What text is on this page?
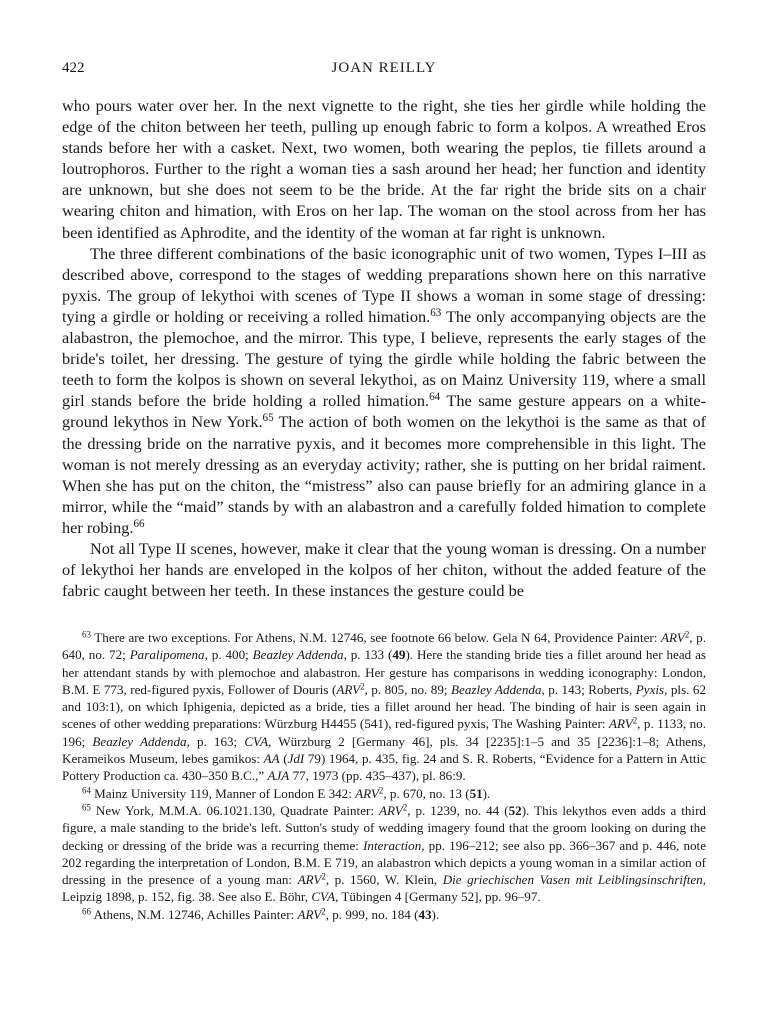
422	JOAN REILLY

who pours water over her. In the next vignette to the right, she ties her girdle while holding the edge of the chiton between her teeth, pulling up enough fabric to form a kolpos. A wreathed Eros stands before her with a casket. Next, two women, both wearing the peplos, tie fillets around a loutrophoros. Further to the right a woman ties a sash around her head; her function and identity are unknown, but she does not seem to be the bride. At the far right the bride sits on a chair wearing chiton and himation, with Eros on her lap. The woman on the stool across from her has been identified as Aphrodite, and the identity of the woman at far right is unknown.

The three different combinations of the basic iconographic unit of two women, Types I–III as described above, correspond to the stages of wedding preparations shown here on this narrative pyxis. The group of lekythoi with scenes of Type II shows a woman in some stage of dressing: tying a girdle or holding or receiving a rolled himation.$^{63}$ The only accompanying objects are the alabastron, the plemochoe, and the mirror. This type, I believe, represents the early stages of the bride's toilet, her dressing. The gesture of tying the girdle while holding the fabric between the teeth to form the kolpos is shown on several lekythoi, as on Mainz University 119, where a small girl stands before the bride holding a rolled himation.$^{64}$ The same gesture appears on a white-ground lekythos in New York.$^{65}$ The action of both women on the lekythoi is the same as that of the dressing bride on the narrative pyxis, and it becomes more comprehensible in this light. The woman is not merely dressing as an everyday activity; rather, she is putting on her bridal raiment. When she has put on the chiton, the “mistress” also can pause briefly for an admiring glance in a mirror, while the “maid” stands by with an alabastron and a carefully folded himation to complete her robing.$^{66}$

Not all Type II scenes, however, make it clear that the young woman is dressing. On a number of lekythoi her hands are enveloped in the kolpos of her chiton, without the added feature of the fabric caught between her teeth. In these instances the gesture could be

$^{63}$ There are two exceptions. For Athens, N.M. 12746, see footnote 66 below. Gela N 64, Providence Painter: ARV$^2$, p. 640, no. 72; Paralipomena, p. 400; Beazley Addenda, p. 133 (49). Here the standing bride ties a fillet around her head as her attendant stands by with plemochoe and alabastron. Her gesture has comparisons in wedding iconography: London, B.M. E 773, red-figured pyxis, Follower of Douris (ARV$^2$, p. 805, no. 89; Beazley Addenda, p. 143; Roberts, Pyxis, pls. 62 and 103:1), on which Iphigenia, depicted as a bride, ties a fillet around her head. The binding of hair is seen again in scenes of other wedding preparations: Würzburg H4455 (541), red-figured pyxis, The Washing Painter: ARV$^2$, p. 1133, no. 196; Beazley Addenda, p. 163; CVA, Würzburg 2 [Germany 46], pls. 34 [2235]:1–5 and 35 [2236]:1–8; Athens, Kerameikos Museum, lebes gamikos: AA (JdI 79) 1964, p. 435, fig. 24 and S. R. Roberts, “Evidence for a Pattern in Attic Pottery Production ca. 430–350 B.C.,” AJA 77, 1973 (pp. 435–437), pl. 86:9.

$^{64}$ Mainz University 119, Manner of London E 342: ARV$^2$, p. 670, no. 13 (51).

$^{65}$ New York, M.M.A. 06.1021.130, Quadrate Painter: ARV$^2$, p. 1239, no. 44 (52). This lekythos even adds a third figure, a male standing to the bride's left. Sutton's study of wedding imagery found that the groom looking on during the decking or dressing of the bride was a recurring theme: Interaction, pp. 196–212; see also pp. 366–367 and p. 446, note 202 regarding the interpretation of London, B.M. E 719, an alabastron which depicts a young woman in a similar action of dressing in the presence of a young man: ARV$^2$, p. 1560, W. Klein, Die griechischen Vasen mit Leiblingsinschriften, Leipzig 1898, p. 152, fig. 38. See also E. Böhr, CVA, Tübingen 4 [Germany 52], pp. 96–97.

$^{66}$ Athens, N.M. 12746, Achilles Painter: ARV$^2$, p. 999, no. 184 (43).
